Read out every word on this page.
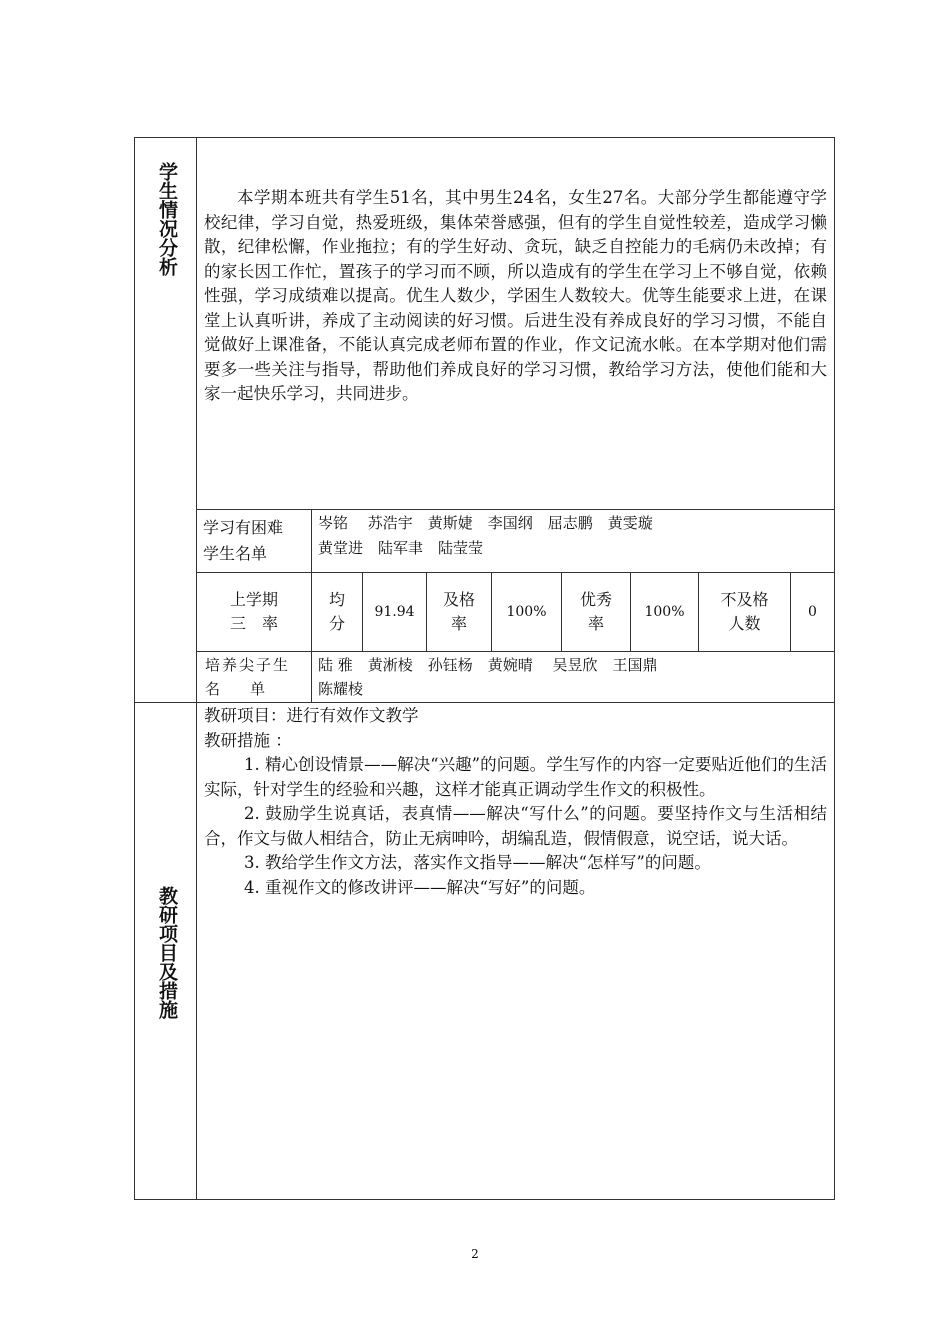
学生情况分析	本学期本班共有学生51名，其中男生24名，女生27名。大部分学生都能遵守学校纪律，学习自觉，热爱班级，集体荣誉感强，但有的学生自觉性较差，造成学习懒散，纪律松懈，作业拖拉；有的学生好动、贪玩，缺乏自控能力的毛病仍未改掉；有的家长因工作忙，置孩子的学习而不顾，所以造成有的学生在学习上不够自觉，依赖性强，学习成绩难以提高。优生人数少，学困生人数较大。优等生能要求上进，在课堂上认真听讲，养成了主动阅读的好习惯。后进生没有养成良好的学习习惯，不能自觉做好上课准备，不能认真完成老师布置的作业，作文记流水帐。在本学期对他们需要多一些关注与指导，帮助他们养成良好的学习习惯，教给学习方法，使他们能和大家一起快乐学习，共同进步。
学习有困难
学生名单
岑铭　 苏浩宇　黄斯婕　李国纲　屈志鹏　黄雯璇
黄堂进　陆军聿　陆莹莹
上学期
三　率
均
分
91.94
及格
率
100%
优秀
率
100%
不及格
人数
0
培养尖子生
名　　单
陆 雅　黄淅棱　孙钰杨　黄婉晴　 吴昱欣　王国鼎
陈耀棱
教研项目及措施
教研项目：进行有效作文教学
教研措施 ：
1. 精心创设情景——解决“兴趣”的问题。学生写作的内容一定要贴近他们的生活实际，针对学生的经验和兴趣，这样才能真正调动学生作文的积极性。
2. 鼓励学生说真话，表真情——解决“写什么”的问题。要坚持作文与生活相结合，作文与做人相结合，防止无病呻吟，胡编乱造，假情假意，说空话，说大话。
3. 教给学生作文方法，落实作文指导——解决“怎样写”的问题。
4. 重视作文的修改讲评——解决“写好”的问题。
2
